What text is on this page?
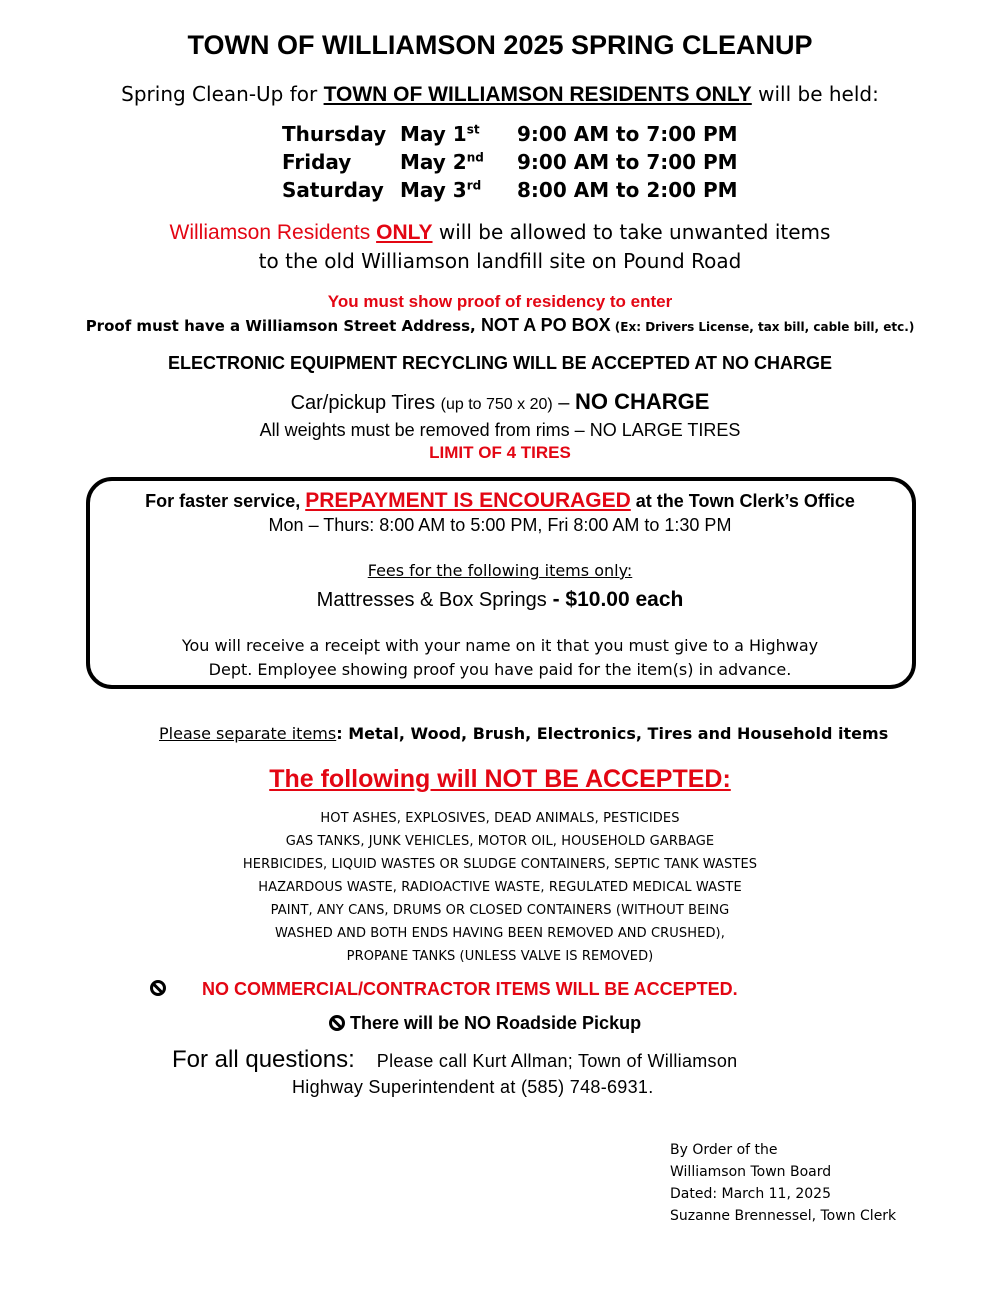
TOWN OF WILLIAMSON 2025 SPRING CLEANUP
Spring Clean-Up for TOWN OF WILLIAMSON RESIDENTS ONLY will be held:
Thursday May 1st 9:00 AM to 7:00 PM
Friday May 2nd 9:00 AM to 7:00 PM
Saturday May 3rd 8:00 AM to 2:00 PM
Williamson Residents ONLY will be allowed to take unwanted items
to the old Williamson landfill site on Pound Road
You must show proof of residency to enter
Proof must have a Williamson Street Address, NOT A PO BOX (Ex: Drivers License, tax bill, cable bill, etc.)
ELECTRONIC EQUIPMENT RECYCLING WILL BE ACCEPTED AT NO CHARGE
Car/pickup Tires (up to 750 x 20) – NO CHARGE
All weights must be removed from rims – NO LARGE TIRES
LIMIT OF 4 TIRES
For faster service, PREPAYMENT IS ENCOURAGED at the Town Clerk’s Office
Mon – Thurs: 8:00 AM to 5:00 PM, Fri 8:00 AM to 1:30 PM
Fees for the following items only:
Mattresses & Box Springs - $10.00 each
You will receive a receipt with your name on it that you must give to a Highway
Dept. Employee showing proof you have paid for the item(s) in advance.
Please separate items: Metal, Wood, Brush, Electronics, Tires and Household items
The following will NOT BE ACCEPTED:
HOT ASHES, EXPLOSIVES, DEAD ANIMALS, PESTICIDES
GAS TANKS, JUNK VEHICLES, MOTOR OIL, HOUSEHOLD GARBAGE
HERBICIDES, LIQUID WASTES OR SLUDGE CONTAINERS, SEPTIC TANK WASTES
HAZARDOUS WASTE, RADIOACTIVE WASTE, REGULATED MEDICAL WASTE
PAINT, ANY CANS, DRUMS OR CLOSED CONTAINERS (WITHOUT BEING
WASHED AND BOTH ENDS HAVING BEEN REMOVED AND CRUSHED),
PROPANE TANKS (UNLESS VALVE IS REMOVED)

NO COMMERCIAL/CONTRACTOR ITEMS WILL BE ACCEPTED.
There will be NO Roadside Pickup
For all questions: Please call Kurt Allman; Town of Williamson
Highway Superintendent at (585) 748-6931.
By Order of the
Williamson Town Board
Dated: March 11, 2025
Suzanne Brennessel, Town Clerk
